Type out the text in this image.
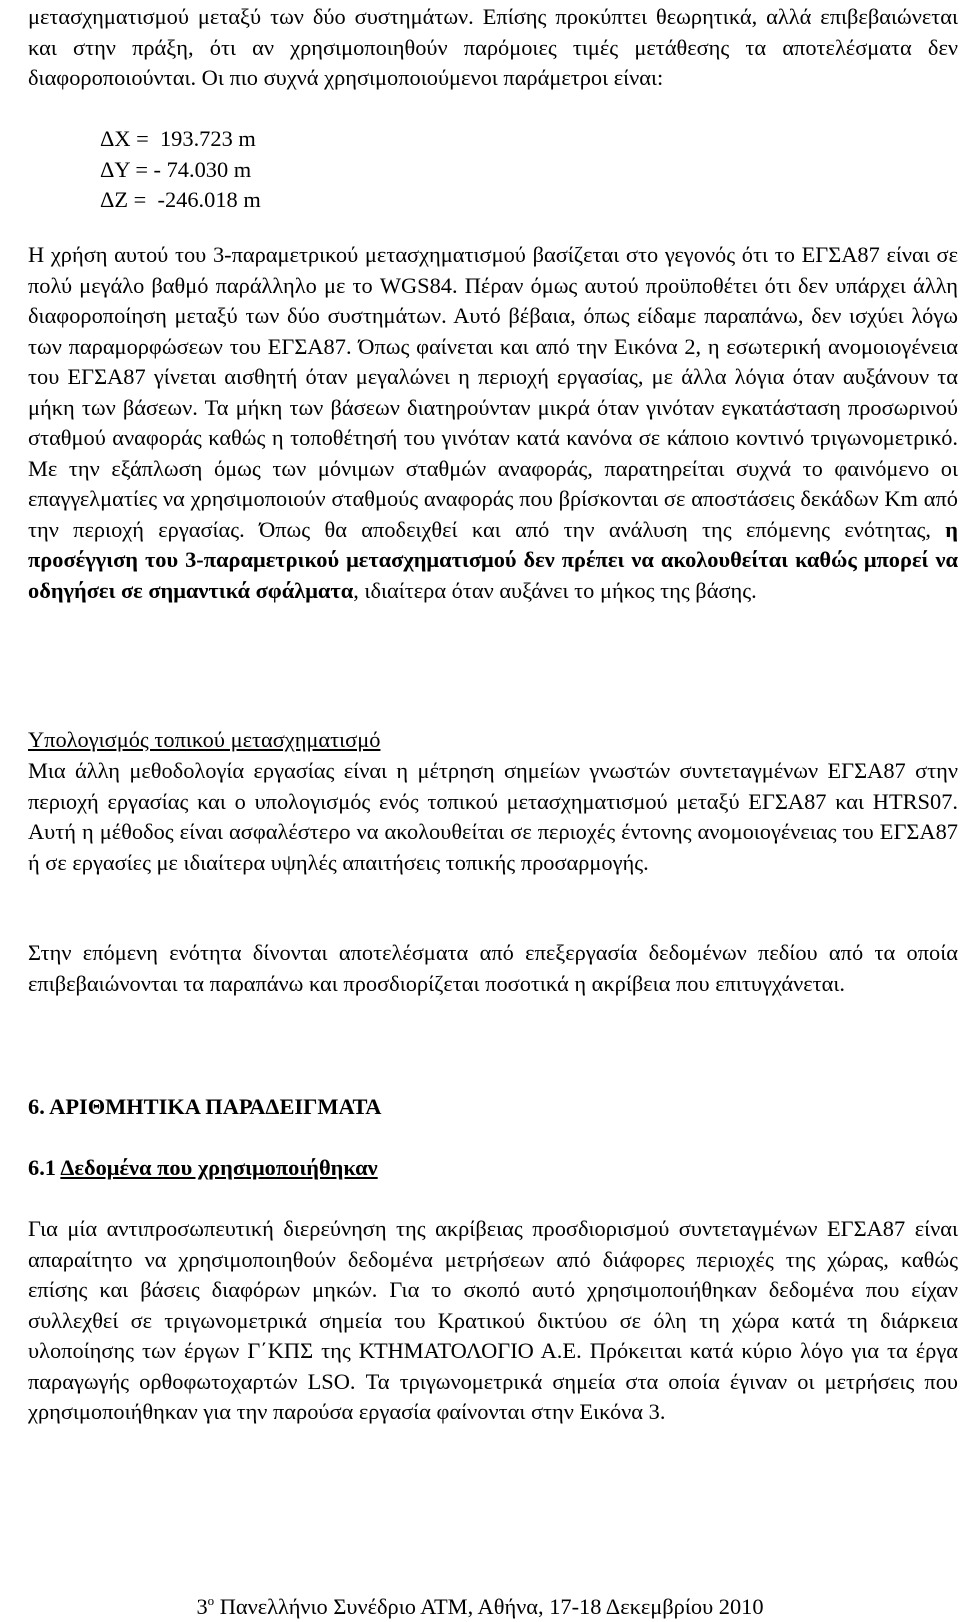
μετασχηματισμού μεταξύ των δύο συστημάτων. Επίσης προκύπτει θεωρητικά, αλλά επιβεβαιώνεται και στην πράξη, ότι αν χρησιμοποιηθούν παρόμοιες τιμές μετάθεσης τα αποτελέσματα δεν διαφοροποιούνται. Οι πιο συχνά χρησιμοποιούμενοι παράμετροι είναι:

ΔX =  193.723 m
ΔY = - 74.030 m
ΔZ =  -246.018 m

Η χρήση αυτού του 3-παραμετρικού μετασχηματισμού βασίζεται στο γεγονός ότι το ΕΓΣΑ87 είναι σε πολύ μεγάλο βαθμό παράλληλο με το WGS84. Πέραν όμως αυτού προϋποθέτει ότι δεν υπάρχει άλλη διαφοροποίηση μεταξύ των δύο συστημάτων. Αυτό βέβαια, όπως είδαμε παραπάνω, δεν ισχύει λόγω των παραμορφώσεων του ΕΓΣΑ87. Όπως φαίνεται και από την Εικόνα 2, η εσωτερική ανομοιογένεια του ΕΓΣΑ87 γίνεται αισθητή όταν μεγαλώνει η περιοχή εργασίας, με άλλα λόγια όταν αυξάνουν τα μήκη των βάσεων. Τα μήκη των βάσεων διατηρούνταν μικρά όταν γινόταν εγκατάσταση προσωρινού σταθμού αναφοράς καθώς η τοποθέτησή του γινόταν κατά κανόνα σε κάποιο κοντινό τριγωνομετρικό. Με την εξάπλωση όμως των μόνιμων σταθμών αναφοράς, παρατηρείται συχνά το φαινόμενο οι επαγγελματίες να χρησιμοποιούν σταθμούς αναφοράς που βρίσκονται σε αποστάσεις δεκάδων Km από την περιοχή εργασίας. Όπως θα αποδειχθεί και από την ανάλυση της επόμενης ενότητας, η προσέγγιση του 3-παραμετρικού μετασχηματισμού δεν πρέπει να ακολουθείται καθώς μπορεί να οδηγήσει σε σημαντικά σφάλματα, ιδιαίτερα όταν αυξάνει το μήκος της βάσης.

Υπολογισμός τοπικού μετασχηματισμό

Μια άλλη μεθοδολογία εργασίας είναι η μέτρηση σημείων γνωστών συντεταγμένων ΕΓΣΑ87 στην περιοχή εργασίας και ο υπολογισμός ενός τοπικού μετασχηματισμού μεταξύ ΕΓΣΑ87 και HTRS07. Αυτή η μέθοδος είναι ασφαλέστερο να ακολουθείται σε περιοχές έντονης ανομοιογένειας του ΕΓΣΑ87 ή σε εργασίες με ιδιαίτερα υψηλές απαιτήσεις τοπικής προσαρμογής.

Στην επόμενη ενότητα δίνονται αποτελέσματα από επεξεργασία δεδομένων πεδίου από τα οποία επιβεβαιώνονται τα παραπάνω και προσδιορίζεται ποσοτικά η ακρίβεια που επιτυγχάνεται.

6. ΑΡΙΘΜΗΤΙΚΑ ΠΑΡΑΔΕΙΓΜΑΤΑ

6.1 Δεδομένα που χρησιμοποιήθηκαν

Για μία αντιπροσωπευτική διερεύνηση της ακρίβειας προσδιορισμού συντεταγμένων ΕΓΣΑ87 είναι απαραίτητο να χρησιμοποιηθούν δεδομένα μετρήσεων από διάφορες περιοχές της χώρας, καθώς επίσης και βάσεις διαφόρων μηκών. Για το σκοπό αυτό χρησιμοποιήθηκαν δεδομένα που είχαν συλλεχθεί σε τριγωνομετρικά σημεία του Κρατικού δικτύου σε όλη τη χώρα κατά τη διάρκεια υλοποίησης των έργων Γ΄ΚΠΣ της ΚΤΗΜΑΤΟΛΟΓΙΟ Α.Ε. Πρόκειται κατά κύριο λόγο για τα έργα παραγωγής ορθοφωτοχαρτών LSO. Τα τριγωνομετρικά σημεία στα οποία έγιναν οι μετρήσεις που χρησιμοποιήθηκαν για την παρούσα εργασία φαίνονται στην Εικόνα 3.

$3^o$ Πανελλήνιο Συνέδριο ΑΤΜ, Αθήνα, 17-18 Δεκεμβρίου 2010
